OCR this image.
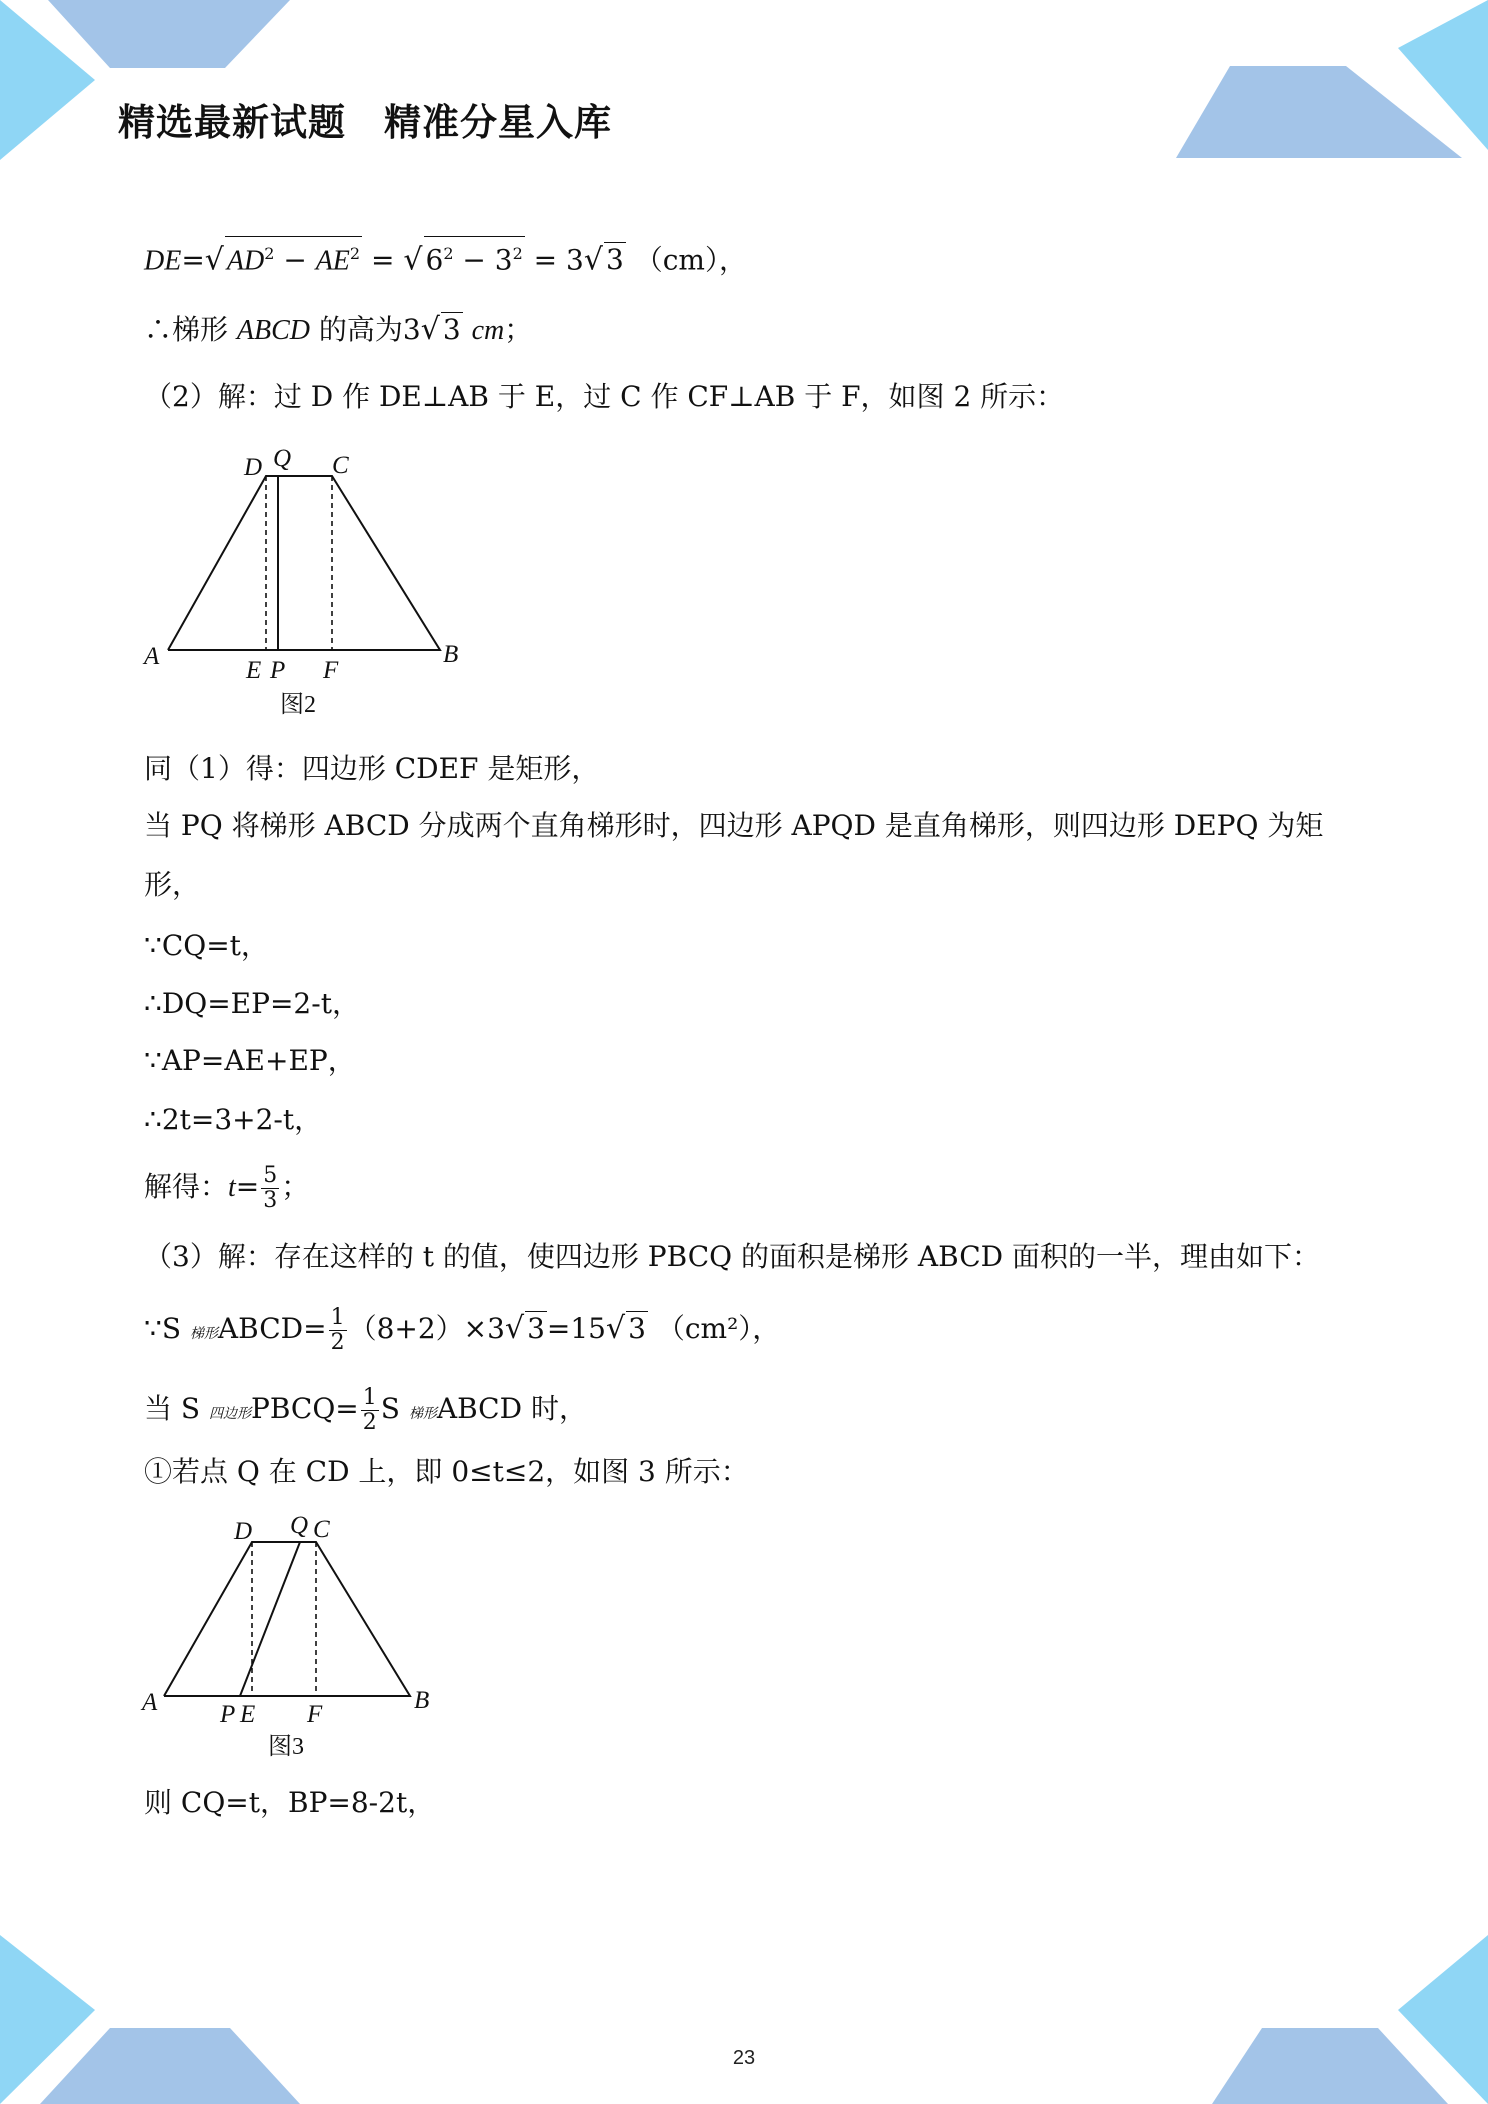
精选最新试题　精准分星入库
DE=√ $AD^2 - AE^2$ = √ $6^2 - 3^2 = 3√$ 3 （cm），
∴梯形 ABCD 的高为3√ 3 cm；
（2）解：过 D 作 DE⊥AB 于 E，过 C 作 CF⊥AB 于 F，如图 2 所示：
D Q C
A	B
E P F
图2
同（1）得：四边形 CDEF 是矩形，
当 PQ 将梯形 ABCD 分成两个直角梯形时，四边形 APQD 是直角梯形，则四边形 DEPQ 为矩
形，
∵CQ=t，
∴DQ=EP=2-t，
∵AP=AE+EP，
∴2t=3+2-t，
解得：$t= \frac{5}{3}$ ；
（3）解：存在这样的 t 的值，使四边形 PBCQ 的面积是梯形 ABCD 面积的一半，理由如下：
∵S 梯形ABCD= $\frac{1}{2} (8+2)\times 3√$ 3=15√ 3 （cm²），
当 S 四边形PBCQ= $\frac{1}{2}$ S 梯形ABCD 时，
①若点 Q 在 CD 上，即 0≤t≤2，如图 3 所示：
D Q C
A	B
P E F
图3
则 CQ=t，BP=8-2t，
23
